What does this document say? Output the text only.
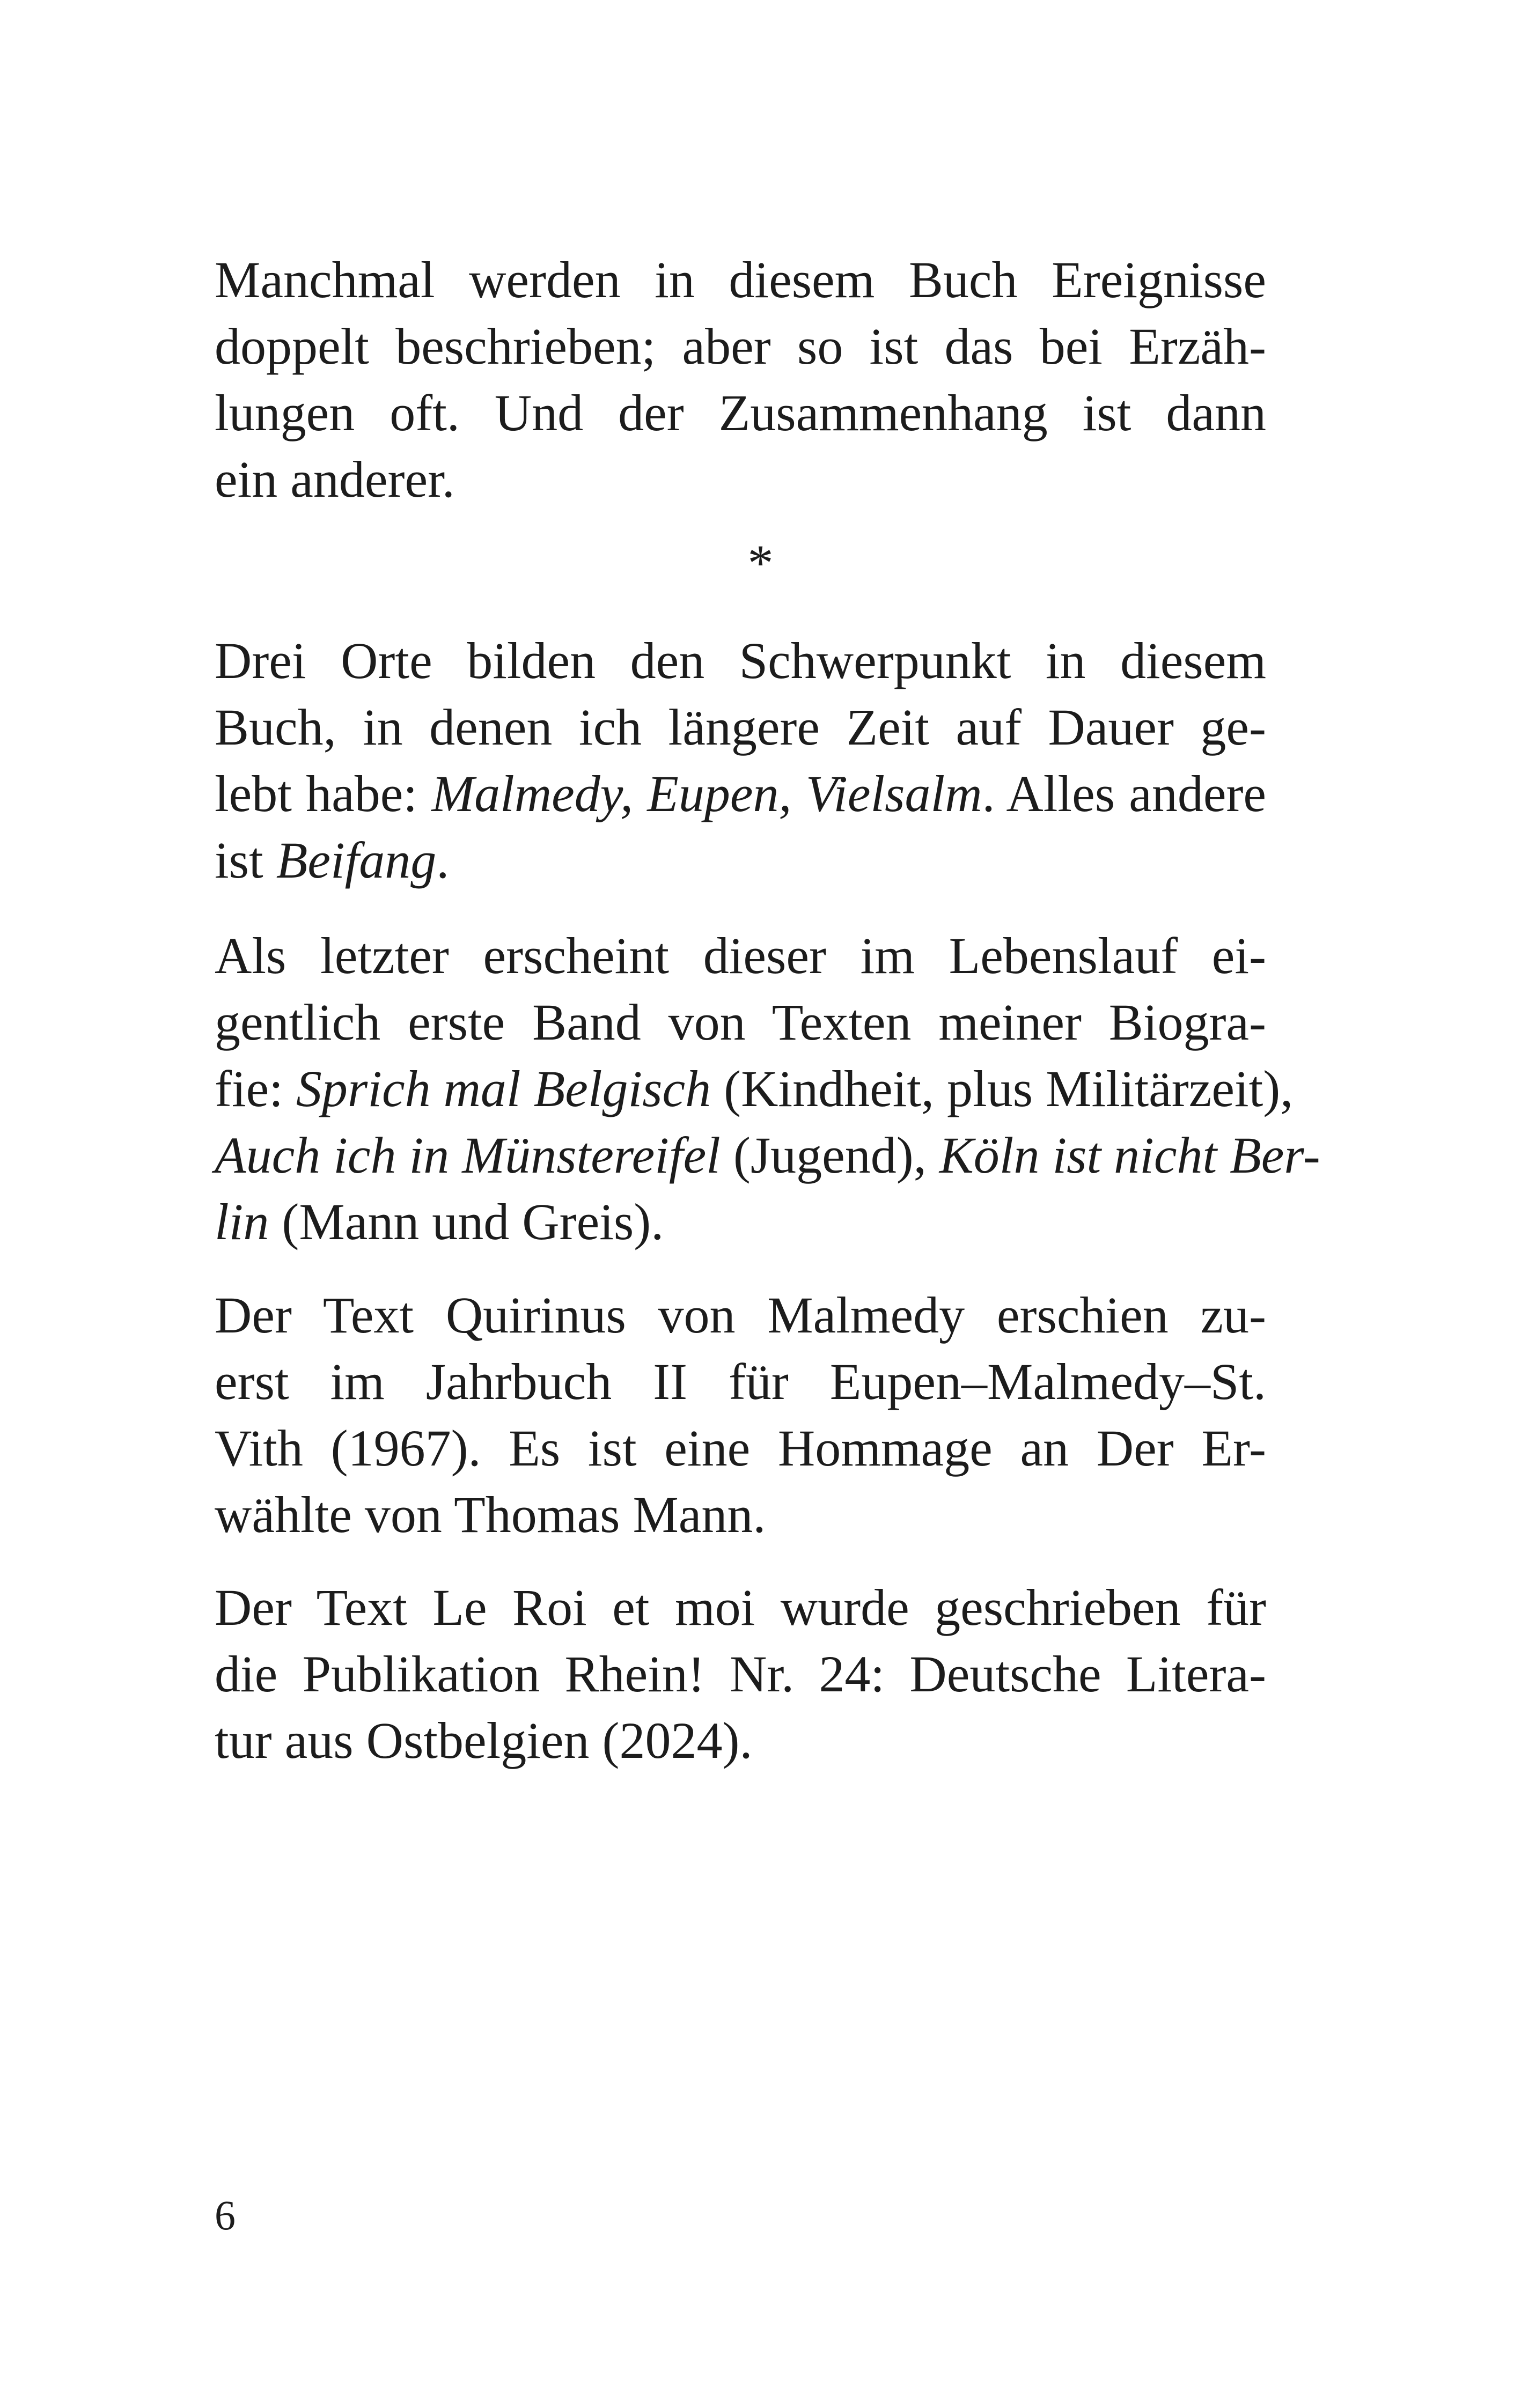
Manchmal werden in diesem Buch Ereignisse
doppelt beschrieben; aber so ist das bei Erzäh-
lungen oft. Und der Zusammenhang ist dann
ein anderer.
*
Drei Orte bilden den Schwerpunkt in diesem
Buch, in denen ich längere Zeit auf Dauer ge-
lebt habe: Malmedy, Eupen, Vielsalm. Alles andere
ist Beifang.
Als letzter erscheint dieser im Lebenslauf ei-
gentlich erste Band von Texten meiner Biogra-
fie: Sprich mal Belgisch (Kindheit, plus Militärzeit),
Auch ich in Münstereifel (Jugend), Köln ist nicht Ber-
lin (Mann und Greis).
Der Text Quirinus von Malmedy erschien zu-
erst im Jahrbuch II für Eupen–Malmedy–St.
Vith (1967). Es ist eine Hommage an Der Er-
wählte von Thomas Mann.
Der Text Le Roi et moi wurde geschrieben für
die Publikation Rhein! Nr. 24: Deutsche Litera-
tur aus Ostbelgien (2024).
6
